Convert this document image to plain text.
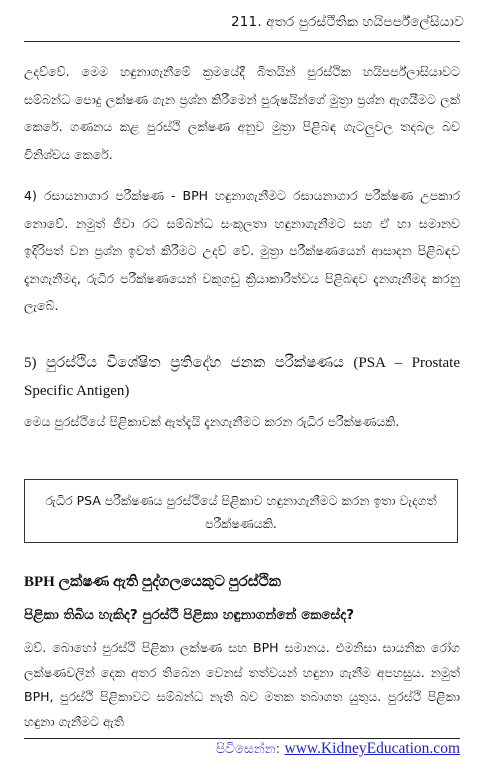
211. අතර පුරස්ථිතික හයිපර්ප්ලේසියාව
උදව්වේ. මෙම හඳුනාගැනීමේ ක්‍රමයේදී බිතයින් පුරස්ථික හයිපර්ප්ලාසියාවට සම්බන්ධ පොදු ලක්ෂණ ගැන ප්‍රශ්න කිරීමෙන් පුරුෂයින්ගේ මුත්‍රා ප්‍රශ්න ඇගයීමට ලක් කෙරේ. ගණනය කළ පුරස්ථි ලක්ෂණ අනුව මුත්‍රා පිළිබඳ ගැටලුවල තදබල බව විනිශ්චය කෙරේ.
4) රසායනාගාර පරීක්ෂණ - BPH හඳුනාගැනීමට රසායනාගාර පරීක්ෂණ උපකාර නොවේ. නමුත් ජීවා රට සම්බන්ධ සංකූලතා හඳුනාගැනීමට සහ ඒ හා සමානව ඉදිරිපත් වන ප්‍රශ්න ඉවත් කිරීමට උදව් වේ. මුත්‍රා පරීක්ෂණයෙන් ආසාදන පිළිබඳව දැනගැනීමද, රුධිර පරීක්ෂණයෙන් වකුගඩු ක්‍රියාකාරීත්වය පිළිබඳව දැනගැනීමද කරනු ලැබේ.
5) පුරස්ථිය විශේෂිත ප්‍රතිදේහ ජනක පරීක්ෂණය (PSA – Prostate Specific Antigen)
මෙය පුරස්ථියේ පිළිකාවක් ඇත්දැයි දැනගැනීමට කරන රුධිර පරීක්ෂණයකි.
රුධිර PSA පරීක්ෂණය පුරස්ථියේ පිළිකාව හඳුනාගැනීමට කරන ඉතා වැදගත් පරීක්ෂණයකි.
BPH ලක්ෂණ ඇති පුද්ගලයෙකුට පුරස්ථික
පිළිකා තිබිය හැකිද? පුරස්ථි පිළිකා හඳුනාගන්නේ කෙසේද?
ඔව්. බොහෝ පුරස්ථි පිළිකා ලක්ෂණ සහ BPH සමානය. එමනිසා සායනික රෝග ලක්ෂණවලින් දෙක අතර තිබෙන වෙනස් තත්වයන් හඳුනා ගැනීම අපහසුය. නමුත් BPH, පුරස්ථි පිළිකාවට සම්බන්ධ නැති බව මතක තබාගත යුතුය. පුරස්ථි පිළිකා හඳුනා ගැනීමට ඇති
පිවිසෙන්න: www.KidneyEducation.com
